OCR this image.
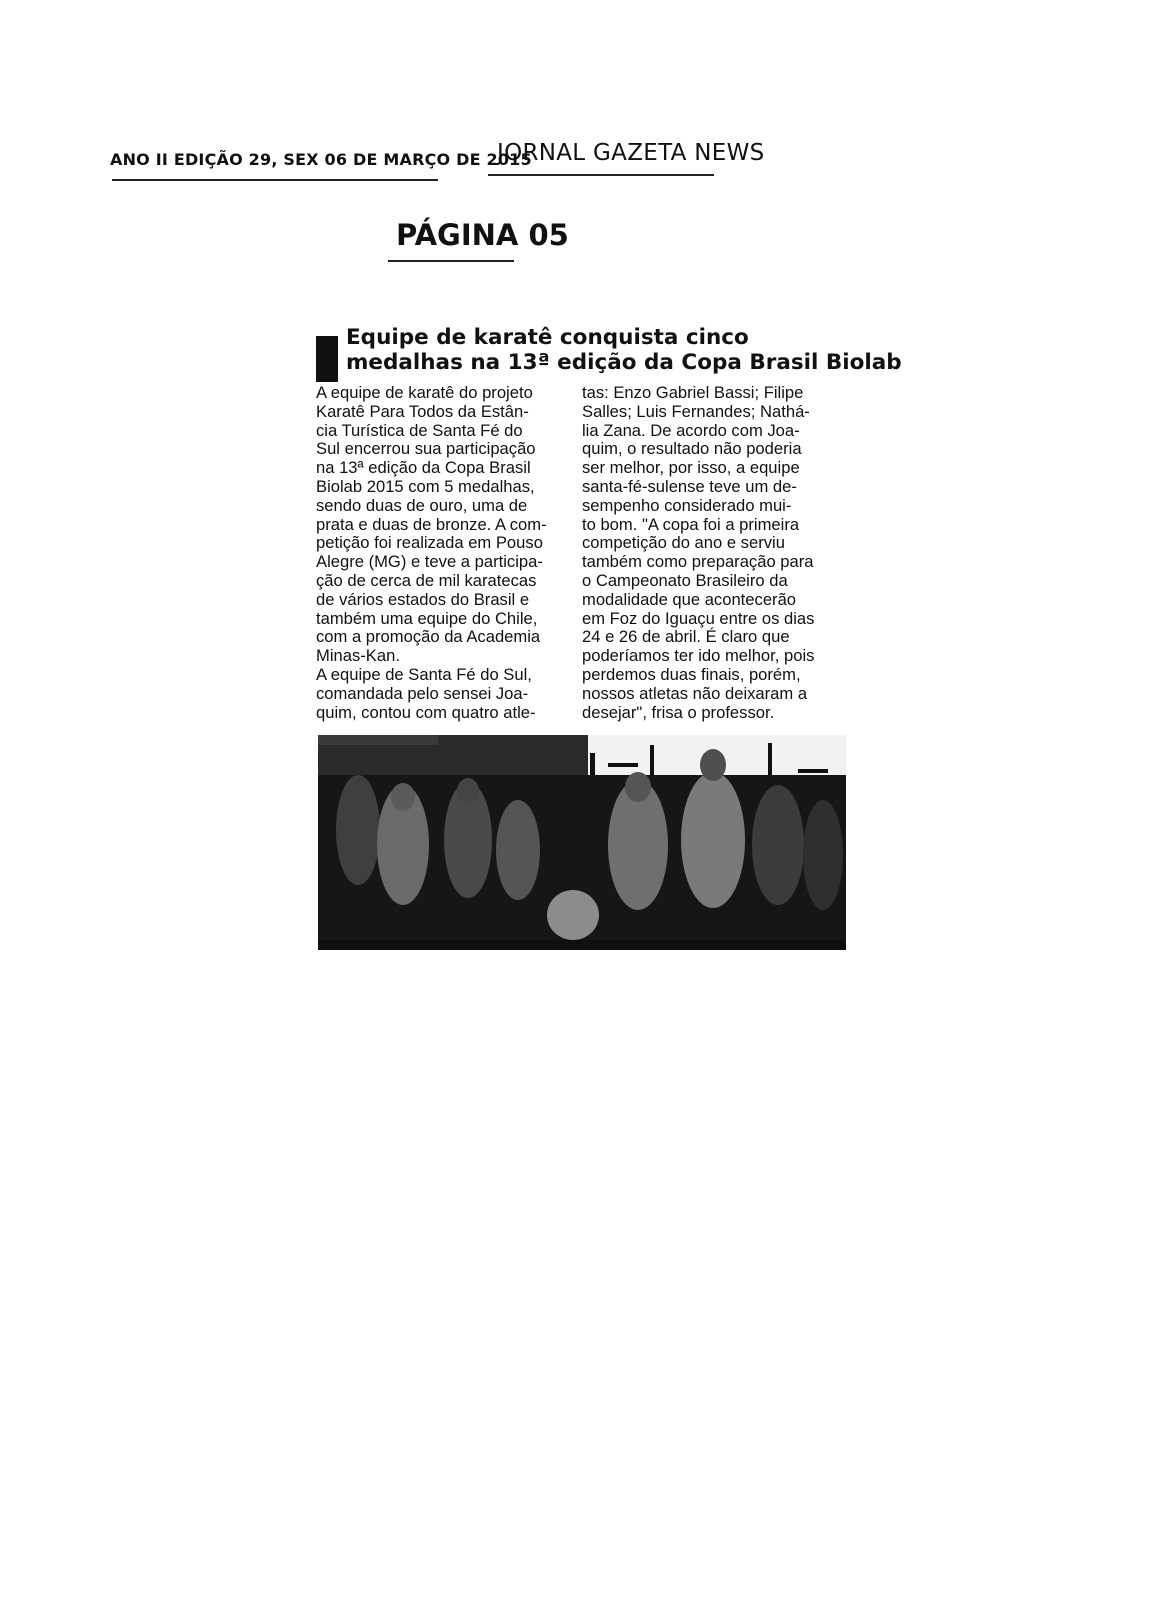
ANO II EDIÇÃO 29, SEX 06 DE MARÇO DE 2015
JORNAL GAZETA NEWS
PÁGINA 05
Equipe de karatê conquista cinco
medalhas na 13ª edição da Copa Brasil Biolab
A equipe de karatê do projeto
Karatê Para Todos da Estân-
cia Turística de Santa Fé do
Sul encerrou sua participação
na 13ª edição da Copa Brasil
Biolab 2015 com 5 medalhas,
sendo duas de ouro, uma de
prata e duas de bronze. A com-
petição foi realizada em Pouso
Alegre (MG) e teve a participa-
ção de cerca de mil karatecas
de vários estados do Brasil e
também uma equipe do Chile,
com a promoção da Academia
Minas-Kan.
A equipe de Santa Fé do Sul,
comandada pelo sensei Joa-
quim, contou com quatro atle-
tas: Enzo Gabriel Bassi; Filipe
Salles; Luis Fernandes; Nathá-
lia Zana. De acordo com Joa-
quim, o resultado não poderia
ser melhor, por isso, a equipe
santa-fé-sulense teve um de-
sempenho considerado mui-
to bom. "A copa foi a primeira
competição do ano e serviu
também como preparação para
o Campeonato Brasileiro da
modalidade que acontecerão
em Foz do Iguaçu entre os dias
24 e 26 de abril. É claro que
poderíamos ter ido melhor, pois
perdemos duas finais, porém,
nossos atletas não deixaram a
desejar", frisa o professor.
